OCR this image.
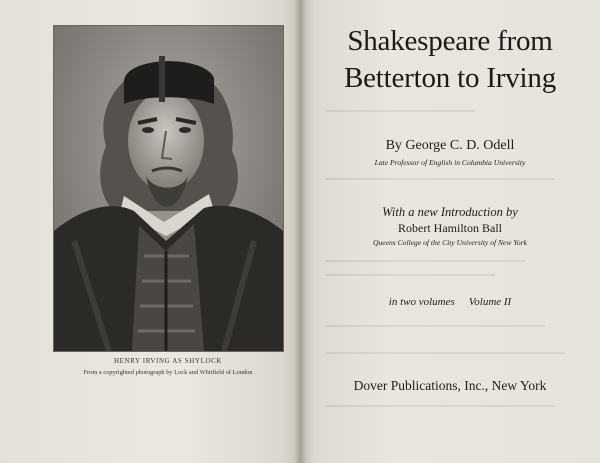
HENRY IRVING AS SHYLOCK
From a copyrighted photograph by Lock and Whitfield of London
Shakespeare from
Betterton to Irving
By George C. D. Odell
Late Professor of English in Columbia University
With a new Introduction by
Robert Hamilton Ball
Queens College of the City University of New York
in two volumes Volume II
Dover Publications, Inc., New York
